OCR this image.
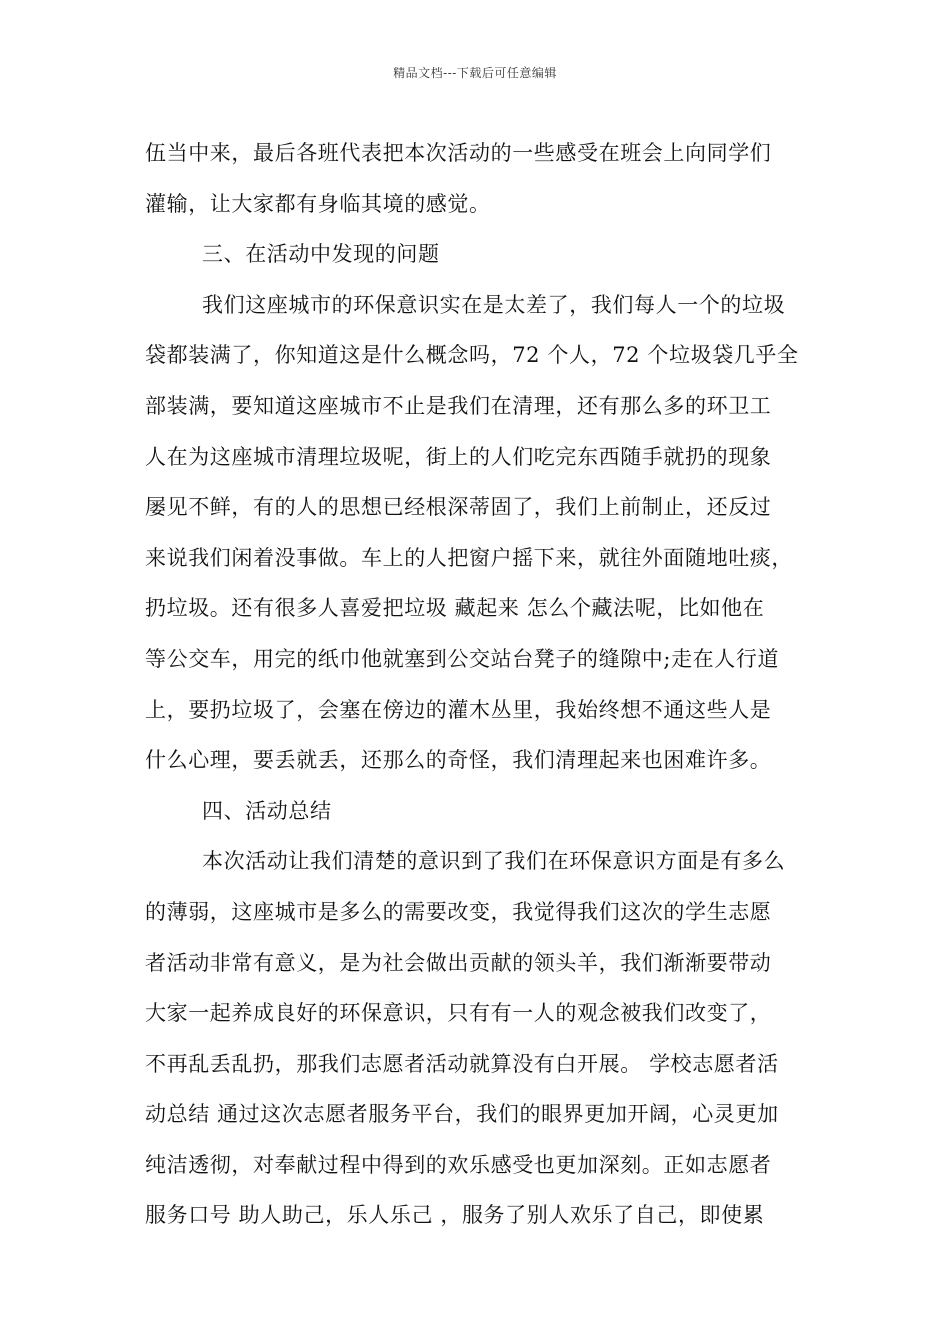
精品文档---下载后可任意编辑
伍当中来，最后各班代表把本次活动的一些感受在班会上向同学们
灌输，让大家都有身临其境的感觉。
三、在活动中发现的问题
我们这座城市的环保意识实在是太差了，我们每人一个的垃圾
袋都装满了，你知道这是什么概念吗，72 个人，72 个垃圾袋几乎全
部装满，要知道这座城市不止是我们在清理，还有那么多的环卫工
人在为这座城市清理垃圾呢，街上的人们吃完东西随手就扔的现象
屡见不鲜，有的人的思想已经根深蒂固了，我们上前制止，还反过
来说我们闲着没事做。车上的人把窗户摇下来，就往外面随地吐痰，
扔垃圾。还有很多人喜爱把垃圾 藏起来 怎么个藏法呢，比如他在
等公交车，用完的纸巾他就塞到公交站台凳子的缝隙中;走在人行道
上，要扔垃圾了，会塞在傍边的灌木丛里，我始终想不通这些人是
什么心理，要丢就丢，还那么的奇怪，我们清理起来也困难许多。
四、活动总结
本次活动让我们清楚的意识到了我们在环保意识方面是有多么
的薄弱，这座城市是多么的需要改变，我觉得我们这次的学生志愿
者活动非常有意义，是为社会做出贡献的领头羊，我们渐渐要带动
大家一起养成良好的环保意识，只有有一人的观念被我们改变了，
不再乱丢乱扔，那我们志愿者活动就算没有白开展。 学校志愿者活
动总结 通过这次志愿者服务平台，我们的眼界更加开阔，心灵更加
纯洁透彻，对奉献过程中得到的欢乐感受也更加深刻。正如志愿者
服务口号 助人助己，乐人乐己 ，服务了别人欢乐了自己，即使累
